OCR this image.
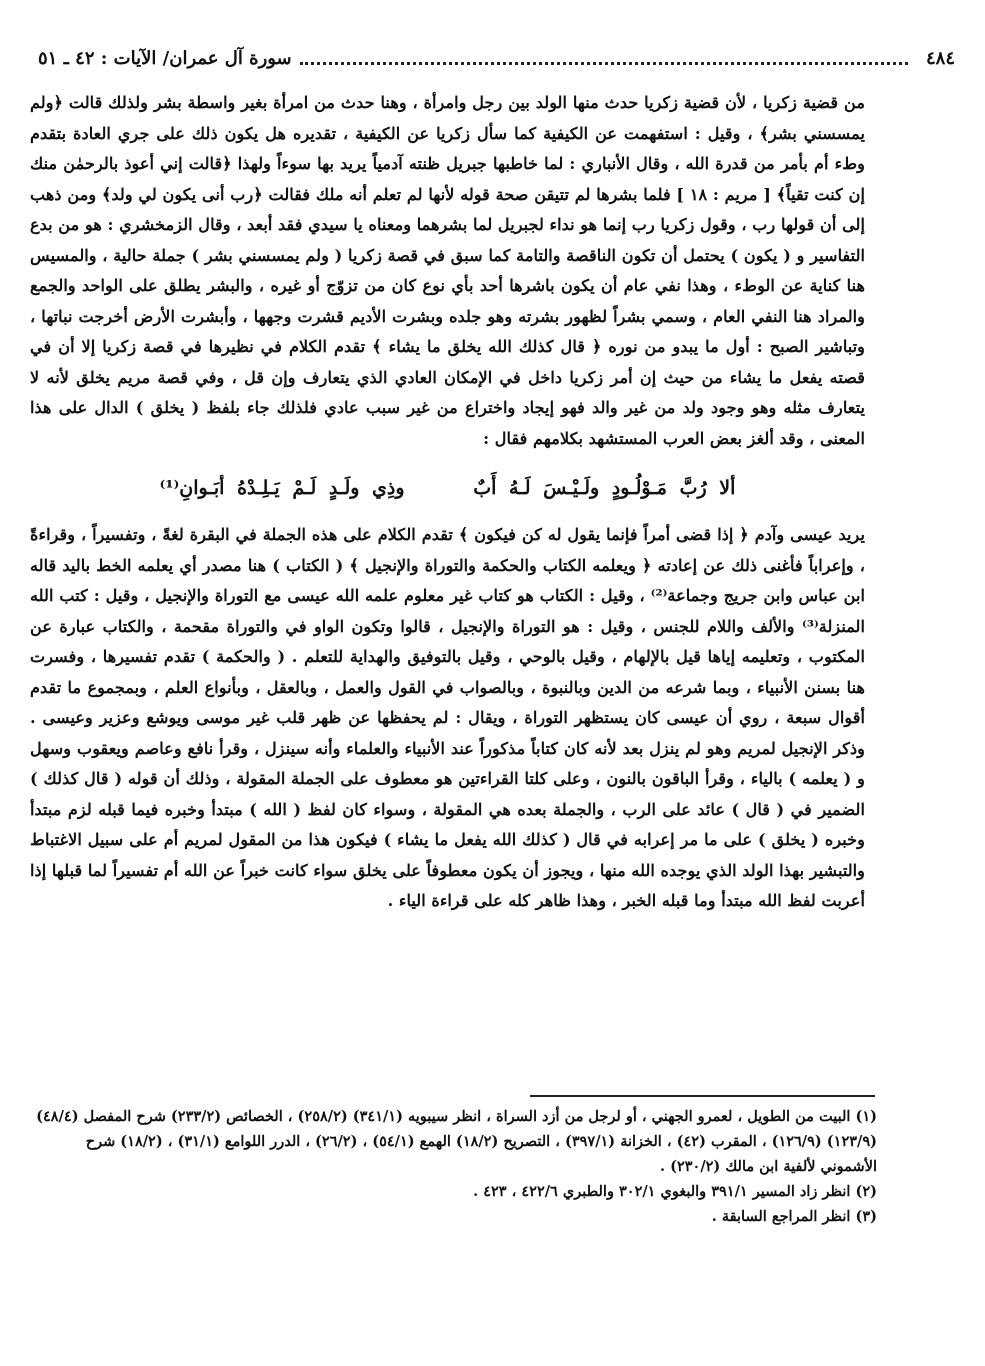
٤٨٤
سورة آل عمران/ الآيات : ٤٢ ـ ٥١

من قضية زكريا ، لأن قضية زكريا حدث منها الولد بين رجل وامرأة ، وهنا حدث من امرأة بغير واسطة بشر ولذلك قالت ﴿ولم يمسسني بشر﴾ ، وقيل : استفهمت عن الكيفية كما سأل زكريا عن الكيفية ، تقديره هل يكون ذلك على جري العادة بتقدم وطء أم بأمر من قدرة الله ، وقال الأنباري : لما خاطبها جبريل ظنته آدمياً يريد بها سوءاً ولهذا ﴿قالت إني أعوذ بالرحمٰن منك إن كنت تقياً﴾ [ مريم : ١٨ ] فلما بشرها لم تتيقن صحة قوله لأنها لم تعلم أنه ملك فقالت ﴿رب أنى يكون لي ولد﴾ ومن ذهب إلى أن قولها رب ، وقول زكريا رب إنما هو نداء لجبريل لما بشرهما ومعناه يا سيدي فقد أبعد ، وقال الزمخشري : هو من بدع التفاسير و ( يكون ) يحتمل أن تكون الناقصة والتامة كما سبق في قصة زكريا ( ولم يمسسني بشر ) جملة حالية ، والمسيس هنا كناية عن الوطء ، وهذا نفي عام أن يكون باشرها أحد بأي نوع كان من تزوّج أو غيره ، والبشر يطلق على الواحد والجمع والمراد هنا النفي العام ، وسمي بشراً لظهور بشرته وهو جلده وبشرت الأديم قشرت وجهها ، وأبشرت الأرض أخرجت نباتها ، وتباشير الصبح : أول ما يبدو من نوره ﴿ قال كذلك الله يخلق ما يشاء ﴾ تقدم الكلام في نظيرها في قصة زكريا إلا أن في قصته يفعل ما يشاء من حيث إن أمر زكريا داخل في الإمكان العادي الذي يتعارف وإن قل ، وفي قصة مريم يخلق لأنه لا يتعارف مثله وهو وجود ولد من غير والد فهو إيجاد واختراع من غير سبب عادي فلذلك جاء بلفظ ( يخلق ) الدال على هذا المعنى ، وقد ألغز بعض العرب المستشهد بكلامهم فقال :

ألا رُبَّ مَـوْلُـودٍ ولَـيْـسَ لَـهُ أَبٌ وذِي ولَـدٍ لَـمْ يَـلِـدْهُ أبَـوانِ⁽¹⁾

يريد عيسى وآدم ﴿ إذا قضى أمراً فإنما يقول له كن فيكون ﴾ تقدم الكلام على هذه الجملة في البقرة لغةً ، وتفسيراً ، وقراءةً ، وإعراباً فأغنى ذلك عن إعادته ﴿ ويعلمه الكتاب والحكمة والتوراة والإنجيل ﴾ ( الكتاب ) هنا مصدر أي يعلمه الخط باليد قاله ابن عباس وابن جريج وجماعة⁽²⁾ ، وقيل : الكتاب هو كتاب غير معلوم علمه الله عيسى مع التوراة والإنجيل ، وقيل : كتب الله المنزلة⁽³⁾ والألف واللام للجنس ، وقيل : هو التوراة والإنجيل ، قالوا وتكون الواو في والتوراة مقحمة ، والكتاب عبارة عن المكتوب ، وتعليمه إياها قيل بالإلهام ، وقيل بالوحي ، وقيل بالتوفيق والهداية للتعلم . ( والحكمة ) تقدم تفسيرها ، وفسرت هنا بسنن الأنبياء ، وبما شرعه من الدين وبالنبوة ، وبالصواب في القول والعمل ، وبالعقل ، وبأنواع العلم ، وبمجموع ما تقدم أقوال سبعة ، روي أن عيسى كان يستظهر التوراة ، ويقال : لم يحفظها عن ظهر قلب غير موسى ويوشع وعزير وعيسى . وذكر الإنجيل لمريم وهو لم ينزل بعد لأنه كان كتاباً مذكوراً عند الأنبياء والعلماء وأنه سينزل ، وقرأ نافع وعاصم ويعقوب وسهل و ( يعلمه ) بالياء ، وقرأ الباقون بالنون ، وعلى كلتا القراءتين هو معطوف على الجملة المقولة ، وذلك أن قوله ( قال كذلك ) الضمير في ( قال ) عائد على الرب ، والجملة بعده هي المقولة ، وسواء كان لفظ ( الله ) مبتدأ وخبره فيما قبله لزم مبتدأ وخبره ( يخلق ) على ما مر إعرابه في قال ( كذلك الله يفعل ما يشاء ) فيكون هذا من المقول لمريم أم على سبيل الاغتباط والتبشير بهذا الولد الذي يوجده الله منها ، ويجوز أن يكون معطوفاً على يخلق سواء كانت خبراً عن الله أم تفسيراً لما قبلها إذا أعربت لفظ الله مبتدأ وما قبله الخبر ، وهذا ظاهر كله على قراءة الياء .

(١) البيت من الطويل ، لعمرو الجهني ، أو لرجل من أزد السراة ، انظر سيبويه (٣٤١/١) (٢٥٨/٢) ، الخصائص (٢٣٣/٢) شرح المفصل (٤٨/٤) (١٢٣/٩) (١٢٦/٩) ، المقرب (٤٢) ، الخزانة (٣٩٧/١) ، التصريح (١٨/٢) الهمع (٥٤/١) ، (٢٦/٢) ، الدرر اللوامع (٣١/١) ، (١٨/٢) شرح الأشموني لألفية ابن مالك (٢٣٠/٢) .

(٢) انظر زاد المسير ٣٩١/١ والبغوي ٣٠٢/١ والطبري ٤٢٢/٦ ، ٤٢٣ .

(٣) انظر المراجع السابقة .
